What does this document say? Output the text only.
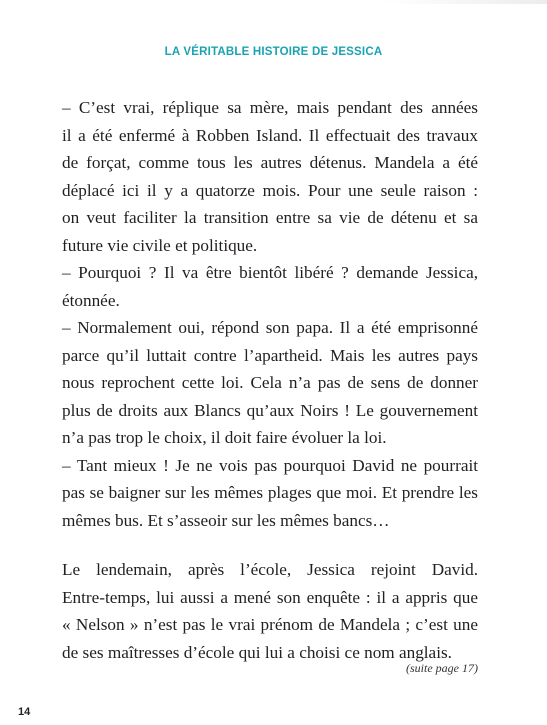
LA VÉRITABLE HISTOIRE DE JESSICA
– C’est vrai, réplique sa mère, mais pendant des années
il a été enfermé à Robben Island. Il effectuait des travaux
de forçat, comme tous les autres détenus. Mandela a été
déplacé ici il y a quatorze mois. Pour une seule raison :
on veut faciliter la transition entre sa vie de détenu et sa
future vie civile et politique.
– Pourquoi ? Il va être bientôt libéré ? demande Jessica,
étonnée.
– Normalement oui, répond son papa. Il a été emprisonné
parce qu’il luttait contre l’apartheid. Mais les autres pays
nous reprochent cette loi. Cela n’a pas de sens de donner
plus de droits aux Blancs qu’aux Noirs ! Le gouvernement
n’a pas trop le choix, il doit faire évoluer la loi.
– Tant mieux ! Je ne vois pas pourquoi David ne pourrait
pas se baigner sur les mêmes plages que moi. Et prendre les
mêmes bus. Et s’asseoir sur les mêmes bancs…
Le lendemain, après l’école, Jessica rejoint David.
Entre-temps, lui aussi a mené son enquête : il a appris que
« Nelson » n’est pas le vrai prénom de Mandela ; c’est une
de ses maîtresses d’école qui lui a choisi ce nom anglais.
(suite page 17)
14
